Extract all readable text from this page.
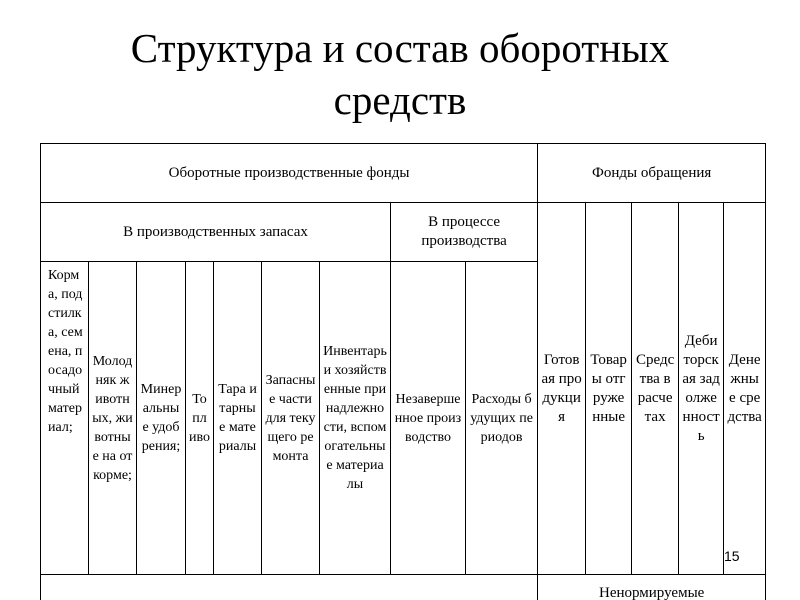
Структура и состав оборотных
средств
Оборотные производственные фонды									Фонды обращения				
В производственных запасах							В процессе производства		Готовая продукция	Товары отгруженные	Средства в расчетах	Дебиторская задолженность	Денежные средства

Корма, подстилка, семена, посадочный материал;	Молодняк животных, животные на откорме;	Минеральные удобрения;	Топливо	Тара и тарные материалы	Запасные части для текущего ремонта	Инвентарь и хозяйственные принадлежности, вспомогательные материалы	Незавершенное производство	Расходы будущих периодов					

									Ненормируемые				
15
